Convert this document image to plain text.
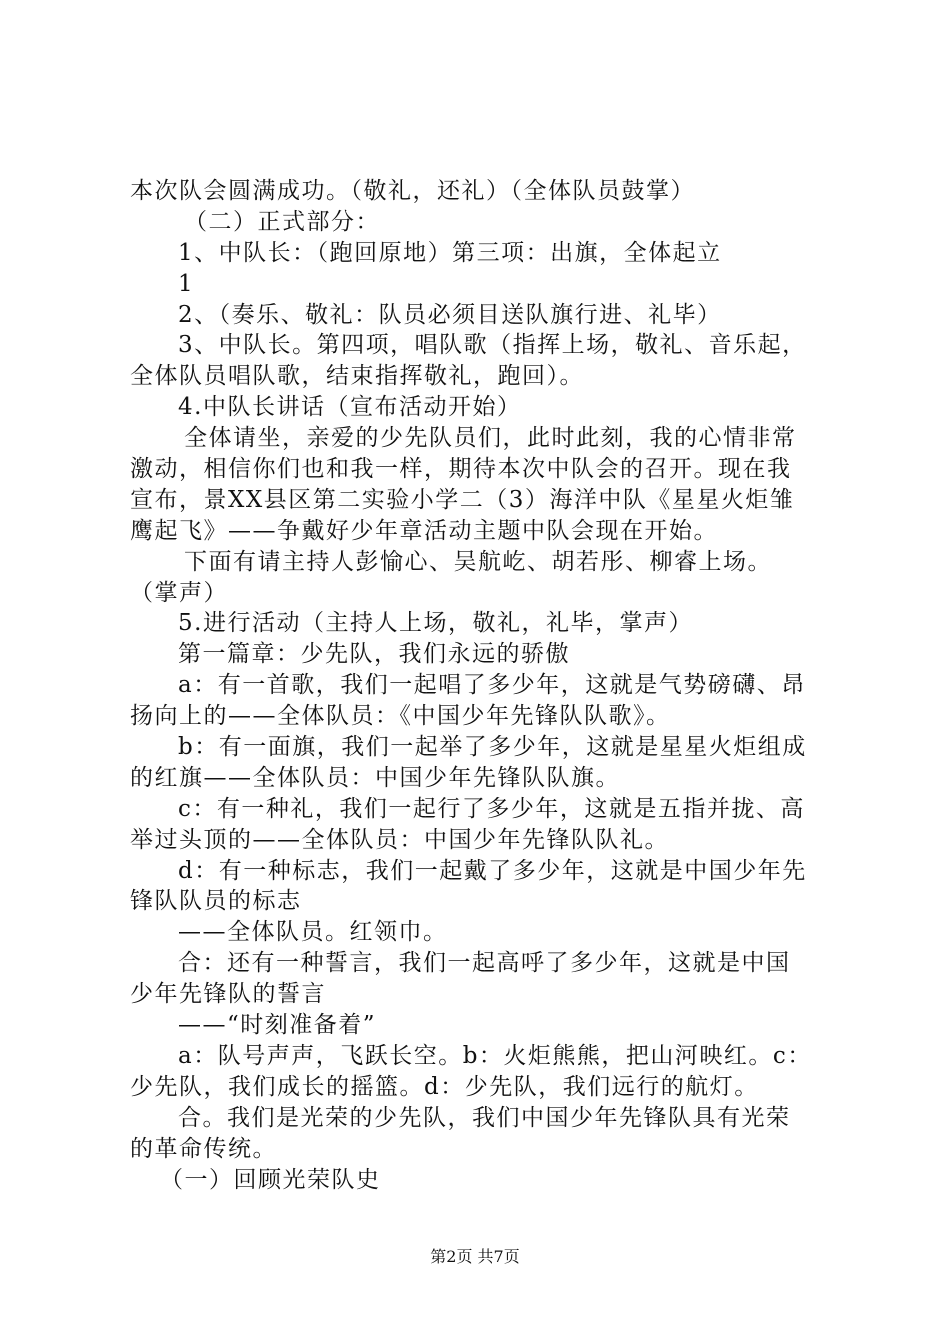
本次队会圆满成功。（敬礼，还礼）（全体队员鼓掌）
（二）正式部分：
1、中队长：（跑回原地）第三项：出旗，全体起立
1
2、（奏乐、敬礼：队员必须目送队旗行进、礼毕）
3、中队长。第四项，唱队歌（指挥上场，敬礼、音乐起，
全体队员唱队歌，结束指挥敬礼，跑回）。
4.中队长讲话（宣布活动开始）
全体请坐，亲爱的少先队员们，此时此刻，我的心情非常
激动，相信你们也和我一样，期待本次中队会的召开。现在我
宣布，景XX县区第二实验小学二（3）海洋中队《星星火炬雏
鹰起飞》——争戴好少年章活动主题中队会现在开始。
下面有请主持人彭愉心、吴航屹、胡若彤、柳睿上场。
（掌声）
5.进行活动（主持人上场，敬礼，礼毕，掌声）
第一篇章：少先队，我们永远的骄傲
a：有一首歌，我们一起唱了多少年，这就是气势磅礴、昂
扬向上的——全体队员：《中国少年先锋队队歌》。
b：有一面旗，我们一起举了多少年，这就是星星火炬组成
的红旗——全体队员：中国少年先锋队队旗。
c：有一种礼，我们一起行了多少年，这就是五指并拢、高
举过头顶的——全体队员：中国少年先锋队队礼。
d：有一种标志，我们一起戴了多少年，这就是中国少年先
锋队队员的标志
——全体队员。红领巾。
合：还有一种誓言，我们一起高呼了多少年，这就是中国
少年先锋队的誓言
——“时刻准备着”
a：队号声声，飞跃长空。b：火炬熊熊，把山河映红。c：
少先队，我们成长的摇篮。d：少先队，我们远行的航灯。
合。我们是光荣的少先队，我们中国少年先锋队具有光荣
的革命传统。
（一）回顾光荣队史
第2页 共7页
